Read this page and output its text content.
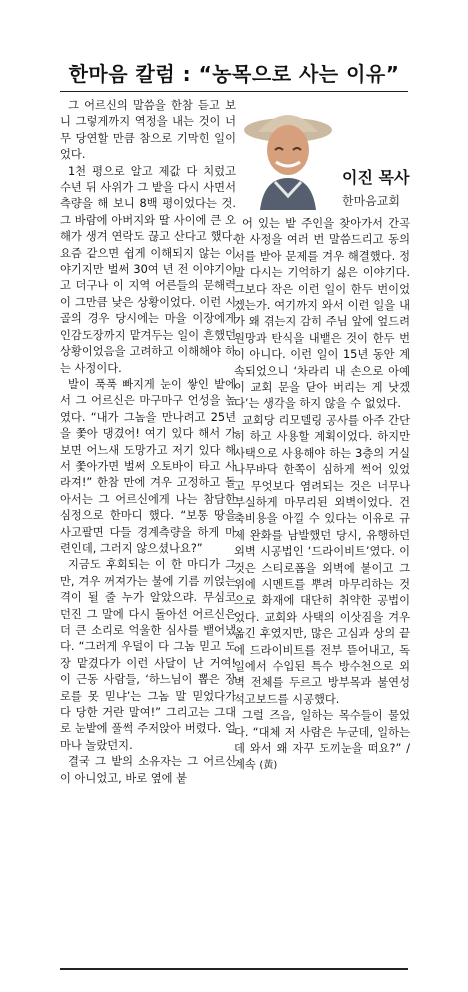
한마음 칼럼 : “농목으로 사는 이유”
이진 목사
한마음교회

그 어르신의 말씀을 한참 듣고 보니 그렇게까지 역정을 내는 것이 너무 당연할 만큼 참으로 기막힌 일이었다.

1천 평으로 알고 제값 다 치렀고 수년 뒤 사위가 그 밭을 다시 사면서 측량을 해 보니 8백 평이었다는 것. 그 바람에 아버지와 딸 사이에 큰 오해가 생겨 연락도 끊고 산다고 했다. 요즘 같으면 쉽게 이해되지 않는 이야기지만 벌써 30여 년 전 이야기이고 더구나 이 지역 어른들의 문해력이 그만큼 낮은 상황이었다. 이런 시골의 경우 당시에는 마을 이장에게 인감도장까지 맡겨두는 일이 흔했던 상황이었음을 고려하고 이해해야 하는 사정이다.

발이 푹푹 빠지게 눈이 쌓인 밭에서 그 어르신은 마구마구 언성을 높였다. “내가 그놈을 만나려고 25년을 쫓아 댕겼어! 여기 있다 해서 가보면 어느새 도망가고 저기 있다 해서 쫓아가면 벌써 오토바이 타고 사라져!” 한참 만에 겨우 고정하고 돌아서는 그 어르신에게 나는 참담한 심정으로 한마디 했다. “보통 땅을 사고팔면 다들 경계측량을 하게 마련인데, 그러지 않으셨나요?”

지금도 후회되는 이 한 마디가 그만, 겨우 꺼져가는 불에 기름 끼얹는 격이 될 줄 누가 알았으랴. 무심코 던진 그 말에 다시 돌아선 어르신은 더 큰 소리로 억울한 심사를 뱉어냈다. “그러게 우덜이 다 그놈 믿고 도장 맡겼다가 이런 사달이 난 거여! 이 근동 사람들, ‘하느님이 뽑은 장로를 못 믿냐’는 그놈 말 믿었다가 다 당한 거란 말여!” 그리고는 그대로 눈밭에 풀썩 주저앉아 버렸다. 얼마나 놀랐던지.

결국 그 밭의 소유자는 그 어르신이 아니었고, 바로 옆에 붙

어 있는 밭 주인을 찾아가서 간곡한 사정을 여러 번 말씀드리고 동의서를 받아 문제를 겨우 해결했다. 정말 다시는 기억하기 싫은 이야기다. 그보다 작은 이런 일이 한두 번이었겠는가. 여기까지 와서 이런 일을 내가 왜 겪는지 감히 주님 앞에 엎드려 원망과 탄식을 내뱉은 것이 한두 번이 아니다. 이런 일이 15년 동안 계속되었으니 ‘차라리 내 손으로 아예 이 교회 문을 닫아 버리는 게 낫겠다’는 생각을 하지 않을 수 없었다.

교회당 리모델링 공사를 아주 간단히 하고 사용할 계획이었다. 하지만 사택으로 사용해야 하는 3층의 거실 나무바닥 한쪽이 심하게 썩어 있었고 무엇보다 염려되는 것은 너무나 부실하게 마무리된 외벽이었다. 건축비용을 아낄 수 있다는 이유로 규제 완화를 남발했던 당시, 유행하던 외벽 시공법인 ‘드라이비트’였다. 이것은 스티로폼을 외벽에 붙이고 그 위에 시멘트를 뿌려 마무리하는 것으로 화재에 대단히 취약한 공법이었다. 교회와 사택의 이삿짐을 겨우 옮긴 후였지만, 많은 고심과 상의 끝에 드라이비트를 전부 뜯어내고, 독일에서 수입된 특수 방수천으로 외벽 전체를 두르고 방부목과 불연성 석고보드를 시공했다.

그럴 즈음, 일하는 목수들이 물었다. “대체 저 사람은 누군데, 일하는 데 와서 왜 자꾸 도끼눈을 떠요?” /계속 (黃)
